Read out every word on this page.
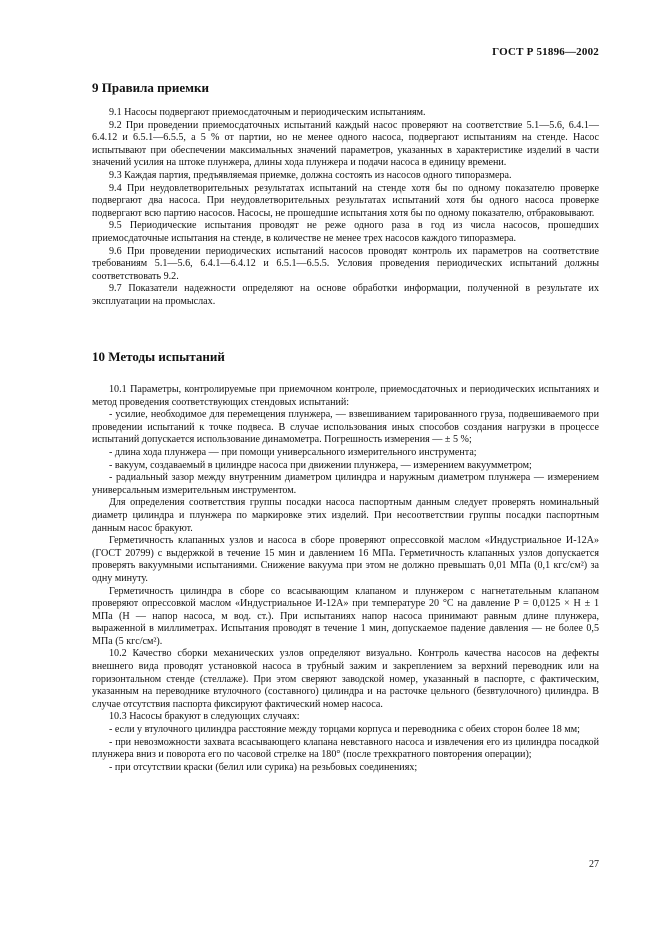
ГОСТ Р 51896—2002
9 Правила приемки

9.1 Насосы подвергают приемосдаточным и периодическим испытаниям.

9.2 При проведении приемосдаточных испытаний каждый насос проверяют на соответствие 5.1—5.6, 6.4.1—6.4.12 и 6.5.1—6.5.5, а 5 % от партии, но не менее одного насоса, подвергают испытаниям на стенде. Насос испытывают при обеспечении максимальных значений параметров, указанных в характеристике изделий в части значений усилия на штоке плунжера, длины хода плунжера и подачи насоса в единицу времени.

9.3 Каждая партия, предъявляемая приемке, должна состоять из насосов одного типоразмера.

9.4 При неудовлетворительных результатах испытаний на стенде хотя бы по одному показателю проверке подвергают два насоса. При неудовлетворительных результатах испытаний хотя бы одного насоса проверке подвергают всю партию насосов. Насосы, не прошедшие испытания хотя бы по одному показателю, отбраковывают.

9.5 Периодические испытания проводят не реже одного раза в год из числа насосов, прошедших приемосдаточные испытания на стенде, в количестве не менее трех насосов каждого типоразмера.

9.6 При проведении периодических испытаний насосов проводят контроль их параметров на соответствие требованиям 5.1—5.6, 6.4.1—6.4.12 и 6.5.1—6.5.5. Условия проведения периодических испытаний должны соответствовать 9.2.

9.7 Показатели надежности определяют на основе обработки информации, полученной в результате их эксплуатации на промыслах.

10 Методы испытаний

10.1 Параметры, контролируемые при приемочном контроле, приемосдаточных и периодических испытаниях и метод проведения соответствующих стендовых испытаний:

- усилие, необходимое для перемещения плунжера, — взвешиванием тарированного груза, подвешиваемого при проведении испытаний к точке подвеса. В случае использования иных способов создания нагрузки в процессе испытаний допускается использование динамометра. Погрешность измерения — ± 5 %;

- длина хода плунжера — при помощи универсального измерительного инструмента;

- вакуум, создаваемый в цилиндре насоса при движении плунжера, — измерением вакуумметром;

- радиальный зазор между внутренним диаметром цилиндра и наружным диаметром плунжера — измерением универсальным измерительным инструментом.

Для определения соответствия группы посадки насоса паспортным данным следует проверять номинальный диаметр цилиндра и плунжера по маркировке этих изделий. При несоответствии группы посадки паспортным данным насос бракуют.

Герметичность клапанных узлов и насоса в сборе проверяют опрессовкой маслом «Индустриальное И-12А» (ГОСТ 20799) с выдержкой в течение 15 мин и давлением 16 МПа. Герметичность клапанных узлов допускается проверять вакуумными испытаниями. Снижение вакуума при этом не должно превышать 0,01 МПа (0,1 кгс/см²) за одну минуту.

Герметичность цилиндра в сборе со всасывающим клапаном и плунжером с нагнетательным клапаном проверяют опрессовкой маслом «Индустриальное И-12А» при температуре 20 °С на давление P = 0,0125 × H ± 1 МПа (H — напор насоса, м вод. ст.). При испытаниях напор насоса принимают равным длине плунжера, выраженной в миллиметрах. Испытания проводят в течение 1 мин, допускаемое падение давления — не более 0,5 МПа (5 кгс/см²).

10.2 Качество сборки механических узлов определяют визуально. Контроль качества насосов на дефекты внешнего вида проводят установкой насоса в трубный зажим и закреплением за верхний переводник или на горизонтальном стенде (стеллаже). При этом сверяют заводской номер, указанный в паспорте, с фактическим, указанным на переводнике втулочного (составного) цилиндра и на расточке цельного (безвтулочного) цилиндра. В случае отсутствия паспорта фиксируют фактический номер насоса.

10.3 Насосы бракуют в следующих случаях:

- если у втулочного цилиндра расстояние между торцами корпуса и переводника с обеих сторон более 18 мм;

- при невозможности захвата всасывающего клапана невставного насоса и извлечения его из цилиндра посадкой плунжера вниз и поворота его по часовой стрелке на 180° (после трехкратного повторения операции);

- при отсутствии краски (белил или сурика) на резьбовых соединениях;

27
